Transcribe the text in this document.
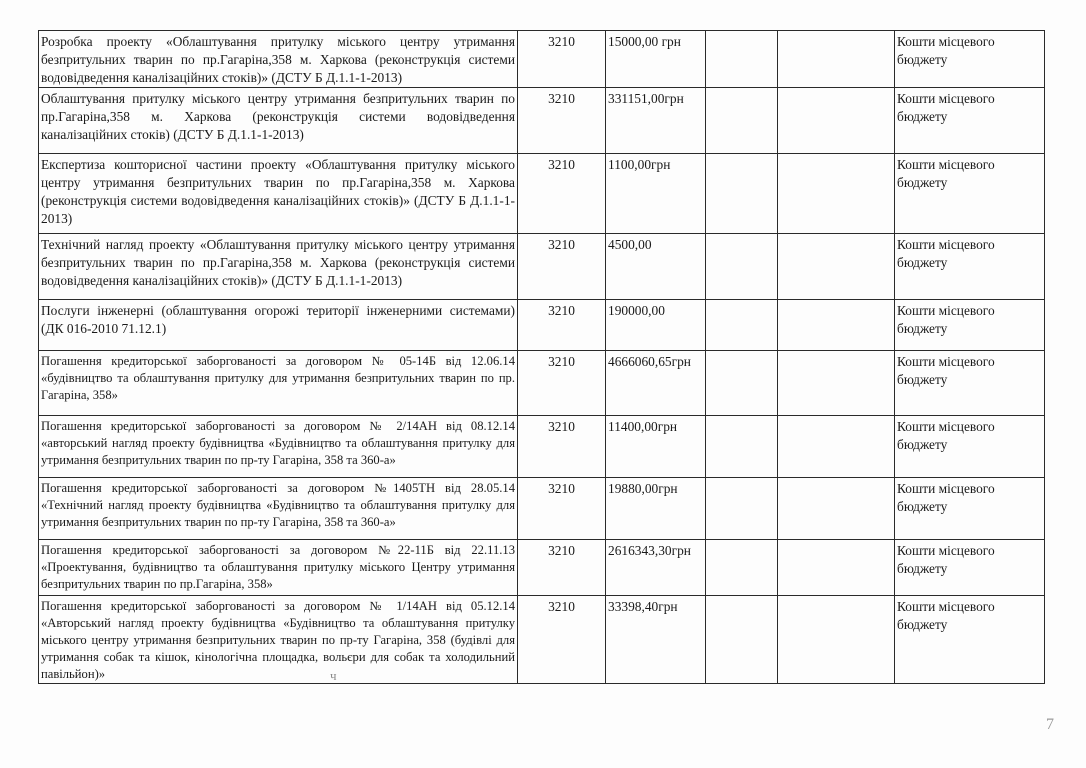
Розробка проекту «Облаштування притулку міського центру утримання безпритульних тварин по пр.Гагаріна,358 м. Харкова (реконструкція системи водовідведення каналізаційних стоків)» (ДСТУ Б Д.1.1-1-2013)	3210	15000,00 грн			Кошти місцевого бюджету
Облаштування притулку міського центру утримання безпритульних тварин по пр.Гагаріна,358 м. Харкова (реконструкція системи водовідведення каналізаційних стоків) (ДСТУ Б Д.1.1-1-2013)	3210	331151,00грн			Кошти місцевого бюджету
Експертиза кошторисної частини проекту «Облаштування притулку міського центру утримання безпритульних тварин по пр.Гагаріна,358 м. Харкова (реконструкція системи водовідведення каналізаційних стоків)» (ДСТУ Б Д.1.1-1-2013)	3210	1100,00грн			Кошти місцевого бюджету
Технічний нагляд проекту «Облаштування притулку міського центру утримання безпритульних тварин по пр.Гагаріна,358 м. Харкова (реконструкція системи водовідведення каналізаційних стоків)» (ДСТУ Б Д.1.1-1-2013)	3210	4500,00			Кошти місцевого бюджету
Послуги інженерні (облаштування огорожі території інженерними системами) (ДК 016-2010 71.12.1)	3210	190000,00			Кошти місцевого бюджету
Погашення кредиторської заборгованості за договором № 05-14Б від 12.06.14 «будівництво та облаштування притулку для утримання безпритульних тварин по пр. Гагаріна, 358»	3210	4666060,65грн			Кошти місцевого бюджету
Погашення кредиторської заборгованості за договором № 2/14АН від 08.12.14 «авторський нагляд проекту будівництва «Будівництво та облаштування притулку для утримання безпритульних тварин по пр-ту Гагаріна, 358 та 360-а»	3210	11400,00грн			Кошти місцевого бюджету
Погашення кредиторської заборгованості за договором №1405ТН від 28.05.14 «Технічний нагляд проекту будівництва «Будівництво та облаштування притулку для утримання безпритульних тварин по пр-ту Гагаріна, 358 та 360-а»	3210	19880,00грн			Кошти місцевого бюджету
Погашення кредиторської заборгованості за договором №22-11Б від 22.11.13 «Проектування, будівництво та облаштування притулку міського Центру утримання безпритульних тварин по пр.Гагаріна, 358»	3210	2616343,30грн			Кошти місцевого бюджету
Погашення кредиторської заборгованості за договором № 1/14АН від 05.12.14 «Авторський нагляд проекту будівництва «Будівництво та облаштування притулку міського центру утримання безпритульних тварин по пр-ту Гагаріна, 358 (будівлі для утримання собак та кішок, кінологічна площадка, вольєри для собак та холодильний павільйон)»	3210	33398,40грн			Кошти місцевого бюджету
ч
7
